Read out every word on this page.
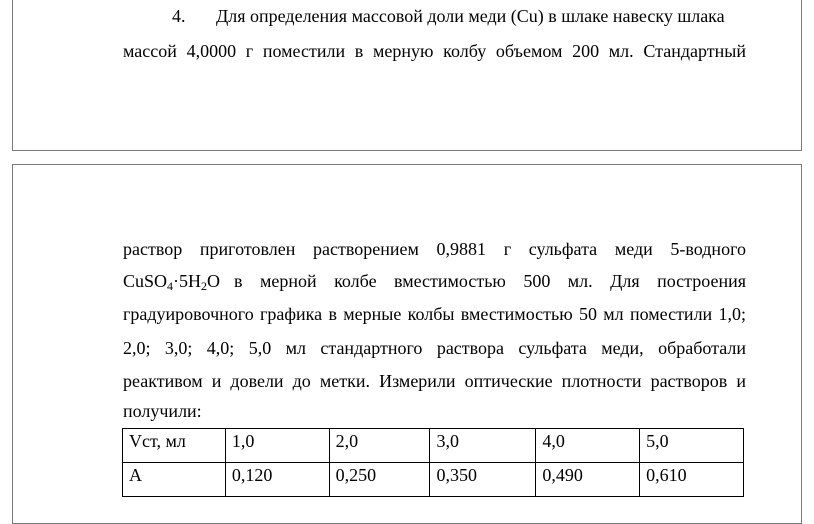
4. Для определения массовой доли меди (Cu) в шлаке навеску шлака
массой 4,0000 г поместили в мерную колбу объемом 200 мл. Стандартный
раствор приготовлен растворением 0,9881 г сульфата меди 5-водного
$CuSO_4\cdot 5H_2O$ в мерной колбе вместимостью 500 мл. Для построения
градуировочного графика в мерные колбы вместимостью 50 мл поместили 1,0;
2,0; 3,0; 4,0; 5,0 мл стандартного раствора сульфата меди, обработали
реактивом и довели до метки. Измерили оптические плотности растворов и
получили:
Vст, мл	1,0	2,0	3,0	4,0	5,0
А	0,120	0,250	0,350	0,490	0,610
